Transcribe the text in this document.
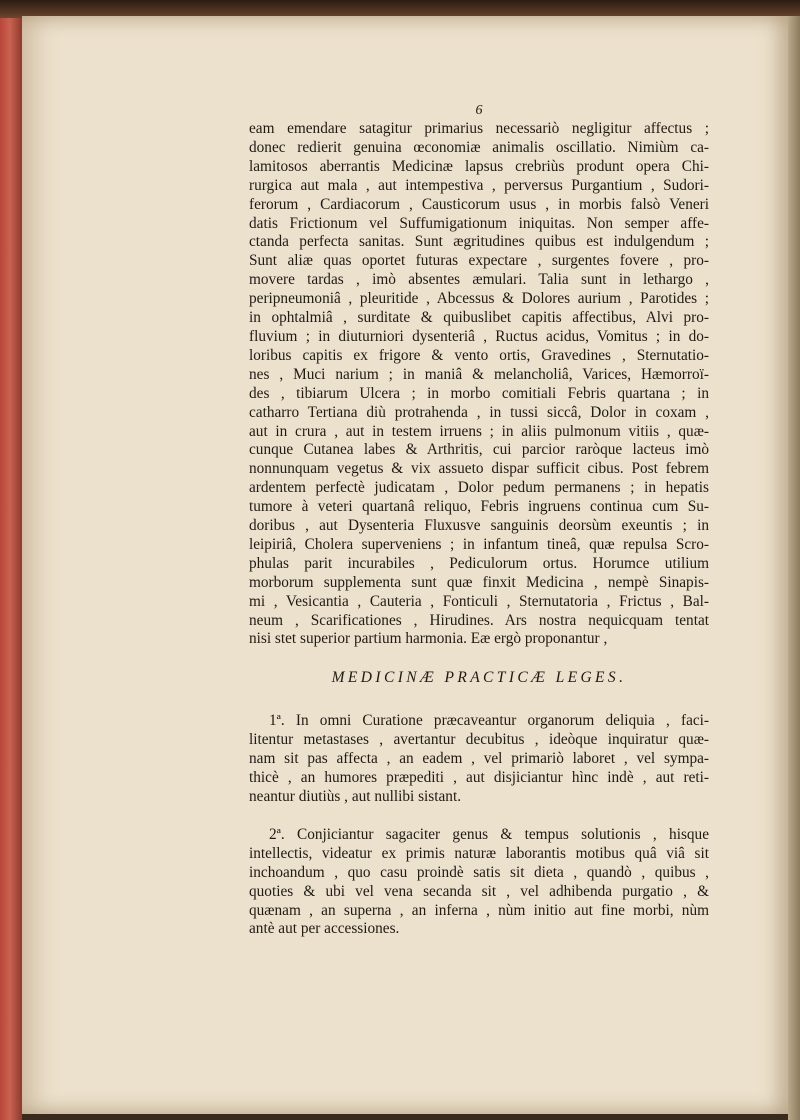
6
eam emendare satagitur primarius necessariò negligitur affectus ;
donec redierit genuina œconomiæ animalis oscillatio. Nimiùm ca-
lamitosos aberrantis Medicinæ lapsus crebriùs produnt opera Chi-
rurgica aut mala , aut intempestiva , perversus Purgantium , Sudori-
ferorum , Cardiacorum , Causticorum usus , in morbis falsò Veneri
datis Frictionum vel Suffumigationum iniquitas. Non semper affe-
ctanda perfecta sanitas. Sunt ægritudines quibus est indulgendum ;
Sunt aliæ quas oportet futuras expectare , surgentes fovere , pro-
movere tardas , imò absentes æmulari. Talia sunt in lethargo ,
peripneumoniâ , pleuritide , Abcessus & Dolores aurium , Parotides ;
in ophtalmiâ , surditate & quibuslibet capitis affectibus, Alvi pro-
fluvium ; in diuturniori dysenteriâ , Ructus acidus, Vomitus ; in do-
loribus capitis ex frigore & vento ortis, Gravedines , Sternutatio-
nes , Muci narium ; in maniâ & melancholiâ, Varices, Hæmorroï-
des , tibiarum Ulcera ; in morbo comitiali Febris quartana ; in
catharro Tertiana diù protrahenda , in tussi siccâ, Dolor in coxam ,
aut in crura , aut in testem irruens ; in aliis pulmonum vitiis , quæ-
cunque Cutanea labes & Arthritis, cui parcior raròque lacteus imò
nonnunquam vegetus & vix assueto dispar sufficit cibus. Post febrem
ardentem perfectè judicatam , Dolor pedum permanens ; in hepatis
tumore à veteri quartanâ reliquo, Febris ingruens continua cum Su-
doribus , aut Dysenteria Fluxusve sanguinis deorsùm exeuntis ; in
leipiriâ, Cholera superveniens ; in infantum tineâ, quæ repulsa Scro-
phulas parit incurabiles , Pediculorum ortus. Horumce utilium
morborum supplementa sunt quæ finxit Medicina , nempè Sinapis-
mi , Vesicantia , Cauteria , Fonticuli , Sternutatoria , Frictus , Bal-
neum , Scarificationes , Hirudines. Ars nostra nequicquam tentat
nisi stet superior partium harmonia. Eæ ergò proponantur ,
MEDICINÆ PRACTICÆ LEGES.
1ª. In omni Curatione præcaveantur organorum deliquia , faci-
litentur metastases , avertantur decubitus , ideòque inquiratur quæ-
nam sit pas affecta , an eadem , vel primariò laboret , vel sympa-
thicè , an humores præpediti , aut disjiciantur hìnc indè , aut reti-
neantur diutiùs , aut nullibi sistant.
2ª. Conjiciantur sagaciter genus & tempus solutionis , hisque
intellectis, videatur ex primis naturæ laborantis motibus quâ viâ sit
inchoandum , quo casu proindè satis sit dieta , quandò , quibus ,
quoties & ubi vel vena secanda sit , vel adhibenda purgatio , &
quænam , an superna , an inferna , nùm initio aut fine morbi, nùm
antè aut per accessiones.
